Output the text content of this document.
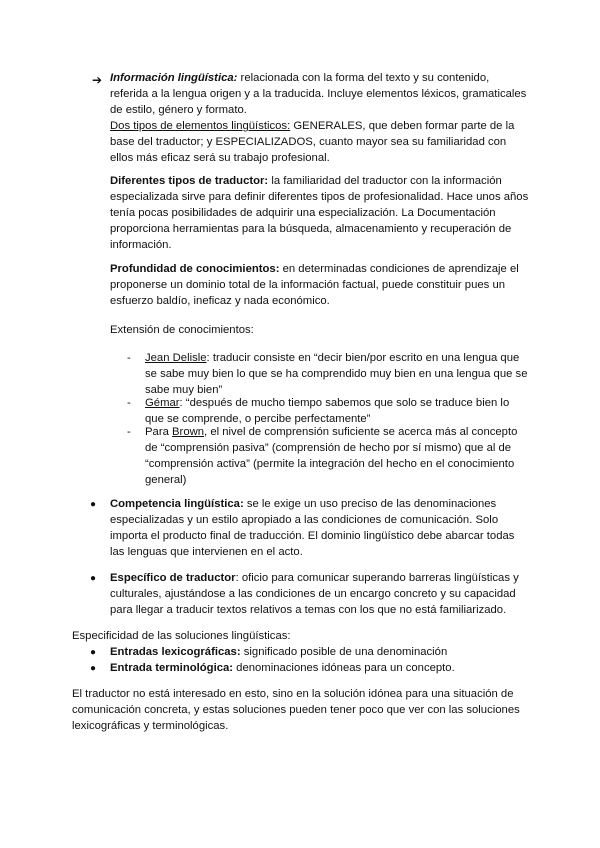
➔ Información lingüística: relacionada con la forma del texto y su contenido, referida a la lengua origen y a la traducida. Incluye elementos léxicos, gramaticales de estilo, género y formato.
Dos tipos de elementos lingüísticos: GENERALES, que deben formar parte de la base del traductor; y ESPECIALIZADOS, cuanto mayor sea su familiaridad con ellos más eficaz será su trabajo profesional.
Diferentes tipos de traductor: la familiaridad del traductor con la información especializada sirve para definir diferentes tipos de profesionalidad. Hace unos años tenía pocas posibilidades de adquirir una especialización. La Documentación proporciona herramientas para la búsqueda, almacenamiento y recuperación de información.
Profundidad de conocimientos: en determinadas condiciones de aprendizaje el proponerse un dominio total de la información factual, puede constituir pues un esfuerzo baldío, ineficaz y nada económico.
Extensión de conocimientos:
-	Jean Delisle: traducir consiste en “decir bien/por escrito en una lengua que se sabe muy bien lo que se ha comprendido muy bien en una lengua que se sabe muy bien”
-	Gémar: “después de mucho tiempo sabemos que solo se traduce bien lo que se comprende, o percibe perfectamente”
-	Para Brown, el nivel de comprensión suficiente se acerca más al concepto de “comprensión pasiva” (comprensión de hecho por sí mismo) que al de “comprensión activa” (permite la integración del hecho en el conocimiento general)
● Competencia lingüística: se le exige un uso preciso de las denominaciones especializadas y un estilo apropiado a las condiciones de comunicación. Solo importa el producto final de traducción. El dominio lingüístico debe abarcar todas las lenguas que intervienen en el acto.
● Específico de traductor: oficio para comunicar superando barreras lingüísticas y culturales, ajustándose a las condiciones de un encargo concreto y su capacidad para llegar a traducir textos relativos a temas con los que no está familiarizado.
Especificidad de las soluciones lingüísticas:
● Entradas lexicográficas: significado posible de una denominación
● Entrada terminológica: denominaciones idóneas para un concepto.
El traductor no está interesado en esto, sino en la solución idónea para una situación de comunicación concreta, y estas soluciones pueden tener poco que ver con las soluciones lexicográficas y terminológicas.
